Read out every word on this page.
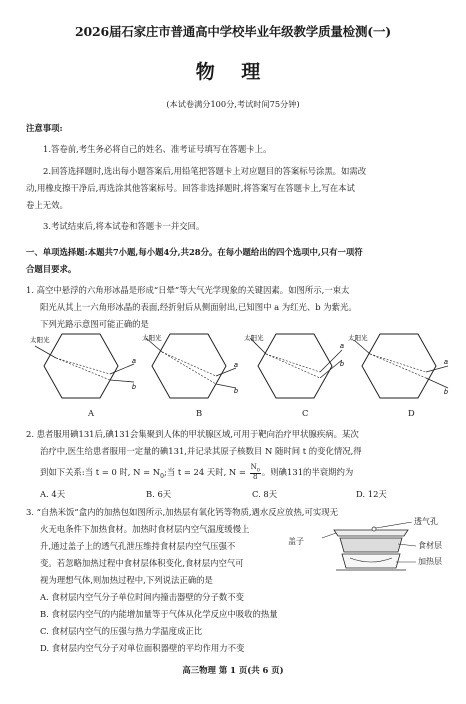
2026届石家庄市普通高中学校毕业年级教学质量检测(一)
物 理
(本试卷满分100分,考试时间75分钟)
注意事项:
1.答卷前,考生务必将自己的姓名、准考证号填写在答题卡上。
2.回答选择题时,选出每小题答案后,用铅笔把答题卡上对应题目的答案标号涂黑。如需改
动,用橡皮擦干净后,再选涂其他答案标号。回答非选择题时,将答案写在答题卡上,写在本试
卷上无效。
3.考试结束后,将本试卷和答题卡一并交回。
一、单项选择题:本题共7小题,每小题4分,共28分。在每小题给出的四个选项中,只有一项符
合题目要求。
1. 高空中悬浮的六角形冰晶是形成“日晕”等大气光学现象的关键因素。如图所示,一束太
阳光从其上一六角形冰晶的表面,经折射后从侧面射出,已知图中 a 为红光、b 为紫光。
下列光路示意图可能正确的是
太阳光
a
b
太阳光
a
b
太阳光
a
b
太阳光
a
b
A	B	C	D
2. 患者服用碘131后,碘131会集聚到人体的甲状腺区域,可用于靶向治疗甲状腺疾病。某次
治疗中,医生给患者服用一定量的碘131,并记录其原子核数目 N 随时间 t 的变化情况,得
到如下关系:当 t = 0 时, $N = N_0$;当 t = 24 天时, $N = \frac{N_0}{8}$ 。则碘131的半衰期约为
A. 4天	B. 6天	C. 8天	D. 12天
3. “自热米饭”盒内的加热包如图所示,加热层有氧化钙等物质,遇水反应放热,可实现无
火无电条件下加热食材。加热时食材层内空气温度缓慢上
升,通过盖子上的透气孔泄压维持食材层内空气压强不
变。若忽略加热过程中食材层体积变化,食材层内空气可
视为理想气体,则加热过程中,下列说法正确的是
A. 食材层内空气分子单位时间内撞击器壁的分子数不变
B. 食材层内空气的内能增加量等于气体从化学反应中吸收的热量
C. 食材层内空气的压强与热力学温度成正比
D. 食材层内空气分子对单位面积器壁的平均作用力不变
透气孔
盖子	食材层
加热层
高三物理 第 1 页(共 6 页)
